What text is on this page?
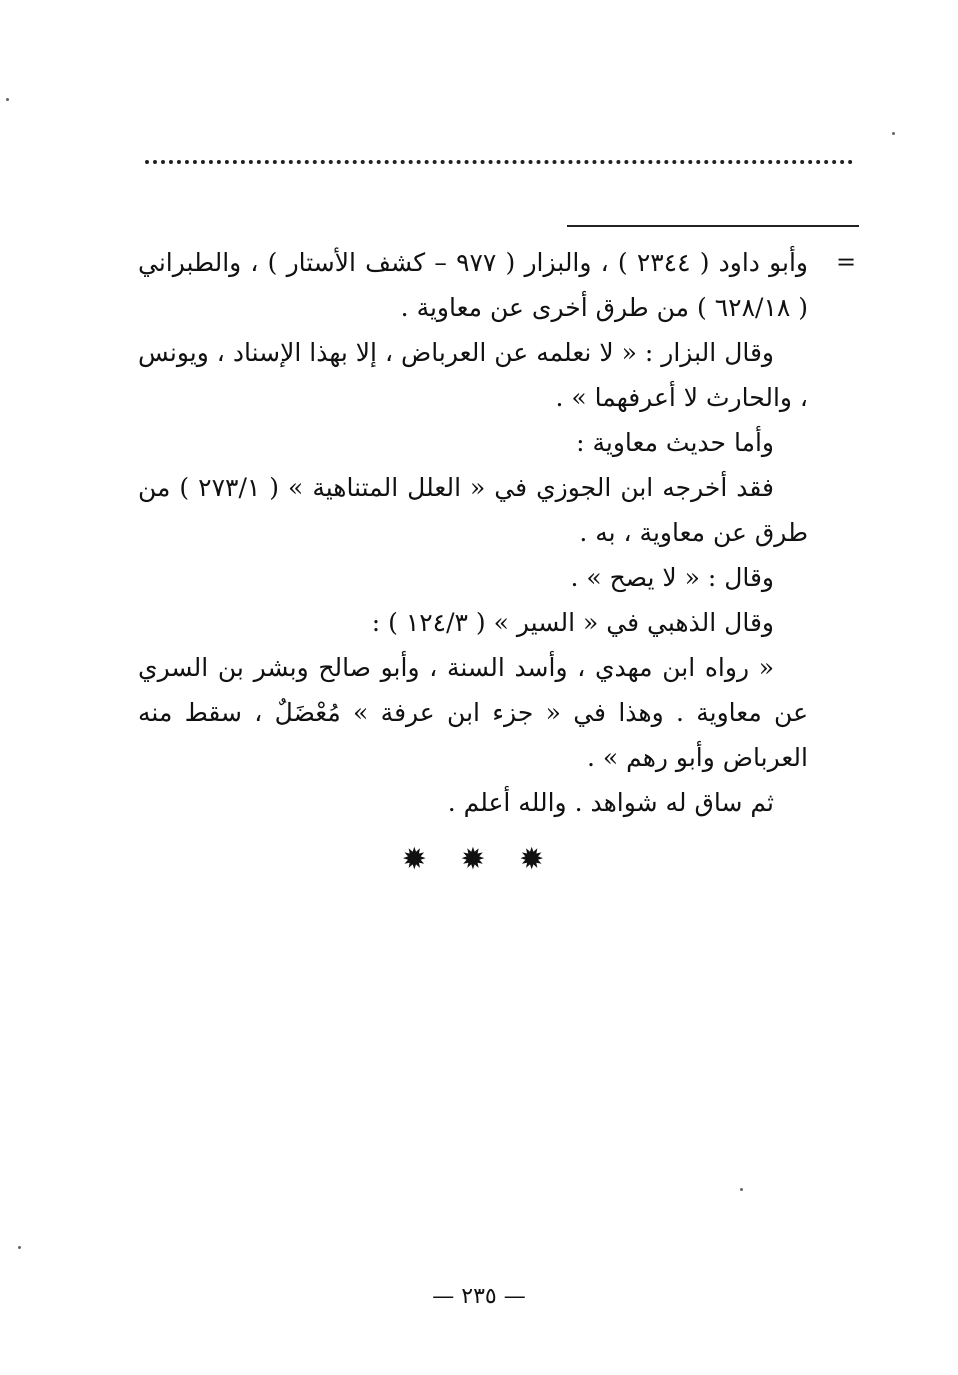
=

وأبو داود ( ٢٣٤٤ ) ، والبزار ( ٩٧٧ – كشف الأستار ) ، والطبراني ( ٦٢٨/١٨ ) من طرق أخرى عن معاوية .

وقال البزار : « لا نعلمه عن العرباض ، إلا بهذا الإسناد ، ويونس ، والحارث لا أعرفهما » .

وأما حديث معاوية :

فقد أخرجه ابن الجوزي في « العلل المتناهية » ( ٢٧٣/١ ) من طرق عن معاوية ، به .

وقال : « لا يصح » .

وقال الذهبي في « السير » ( ١٢٤/٣ ) :

« رواه ابن مهدي ، وأسد السنة ، وأبو صالح وبشر بن السري عن معاوية . وهذا في « جزء ابن عرفة » مُعْضَلٌ ، سقط منه العرباض وأبو رهم » .

ثم ساق له شواهد . والله أعلم .

✹ ✹ ✹
— ٢٣٥ —
